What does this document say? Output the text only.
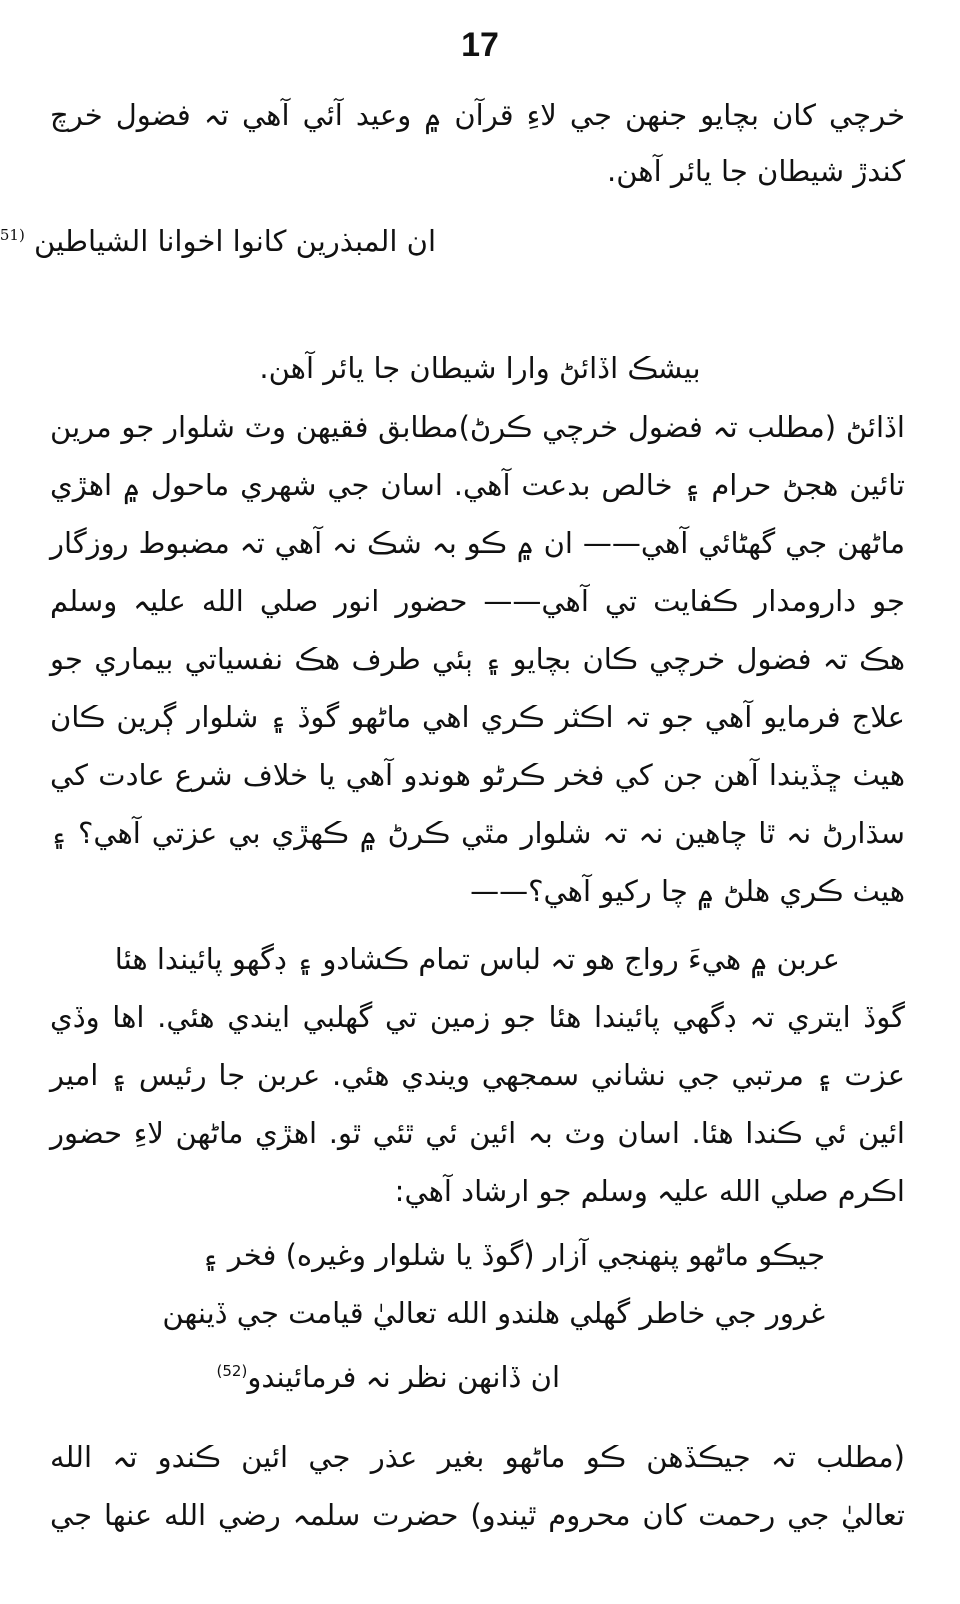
17
خرچي کان بچايو جنهن جي لاءِ قرآن ۾ وعيد آئي آهي تہ فضول خرچ
کندڙ شيطان جا يائر آهن.
ان المبذرين كانوا اخوانا الشياطين $^{(51}$
بيشڪ اڏائڻ وارا شيطان جا يائر آهن.
اڏائڻ (مطلب تہ فضول خرچي ڪرڻ)مطابق فقيهن وٽ شلوار جو مرين
تائين هجڻ حرام ۽ خالص بدعت آهي. اسان جي شهري ماحول ۾ اهڙي
ماڻهن جي گهڻائي آهي—— ان ۾ ڪو بہ شڪ نہ آهي تہ مضبوط روزگار
جو دارومدار ڪفايت تي آهي—— حضور انور صلي الله عليہ وسلم
هڪ تہ فضول خرچي ڪان بچايو ۽ ٻئي طرف هڪ نفسياتي بيماري جو
علاج فرمايو آهي جو تہ اڪثر ڪري اهي ماڻهو گوڏ ۽ شلوار ڳرين ڪان
هيٺ ڇڏيندا آهن جن کي فخر ڪرڻو هوندو آهي يا خلاف شرع عادت کي
سڌارڻ نہ ٿا چاهين نہ تہ شلوار مٿي ڪرڻ ۾ ڪهڙي بي عزتي آهي؟ ۽
هيٺ ڪري هلڻ ۾ چا رکيو آهي؟——
عربن ۾ هيءَ رواج هو تہ لباس تمام ڪشادو ۽ ڊگهو پائيندا هئا
گوڏ ايتري تہ ڊگهي پائيندا هئا جو زمين تي گهلبي ايندي هئي. اها وڏي
عزت ۽ مرتبي جي نشاني سمجهي ويندي هئي. عربن جا رئيس ۽ امير
ائين ئي ڪندا هئا. اسان وٽ بہ ائين ئي ٿئي ٿو. اهڙي ماڻهن لاءِ حضور
اڪرم صلي الله عليہ وسلم جو ارشاد آهي:
جيڪو ماڻهو پنهنجي آزار (گوڏ يا شلوار وغيره) فخر ۽
غرور جي خاطر گهلي هلندو الله تعاليٰ قيامت جي ڏينهن
ان ڏانهن نظر نہ فرمائيندو$^{(52)}$
(مطلب تہ جيڪڏهن ڪو ماڻهو بغير عذر جي ائين ڪندو تہ الله
تعاليٰ جي رحمت کان محروم ٿيندو) حضرت سلمہ رضي الله عنها جي
